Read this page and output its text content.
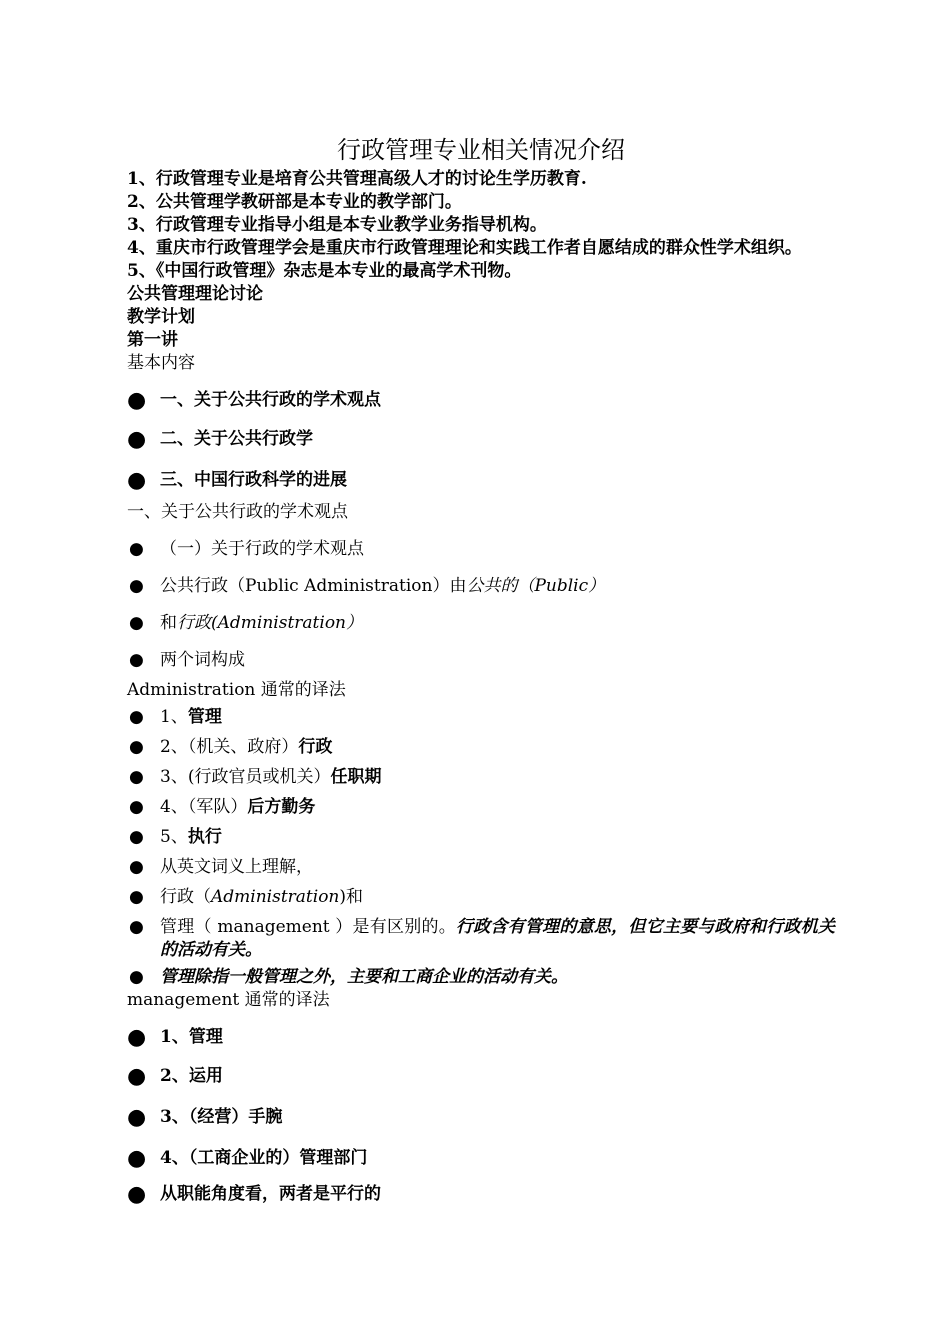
行政管理专业相关情况介绍
1、行政管理专业是培育公共管理高级人才的讨论生学历教育.
2、公共管理学教研部是本专业的教学部门。
3、行政管理专业指导小组是本专业教学业务指导机构。
4、重庆市行政管理学会是重庆市行政管理理论和实践工作者自愿结成的群众性学术组织。
5、《中国行政管理》杂志是本专业的最高学术刊物。
公共管理理论讨论
教学计划
第一讲
基本内容
● 一、关于公共行政的学术观点
● 二、关于公共行政学
● 三、中国行政科学的进展
一、关于公共行政的学术观点
● （一）关于行政的学术观点
● 公共行政（Public Administration）由公共的（Public）
● 和行政(Administration）
● 两个词构成
Administration 通常的译法
● 1、管理
● 2、（机关、政府）行政
● 3、(行政官员或机关）任职期
● 4、（军队）后方勤务
● 5、执行
● 从英文词义上理解，
● 行政（Administration)和
● 管理（ management ）是有区别的。行政含有管理的意思，但它主要与政府和行政机关的活动有关。
● 管理除指一般管理之外，主要和工商企业的活动有关。
management 通常的译法
● 1、管理
● 2、运用
● 3、（经营）手腕
● 4、（工商企业的）管理部门
● 从职能角度看，两者是平行的
